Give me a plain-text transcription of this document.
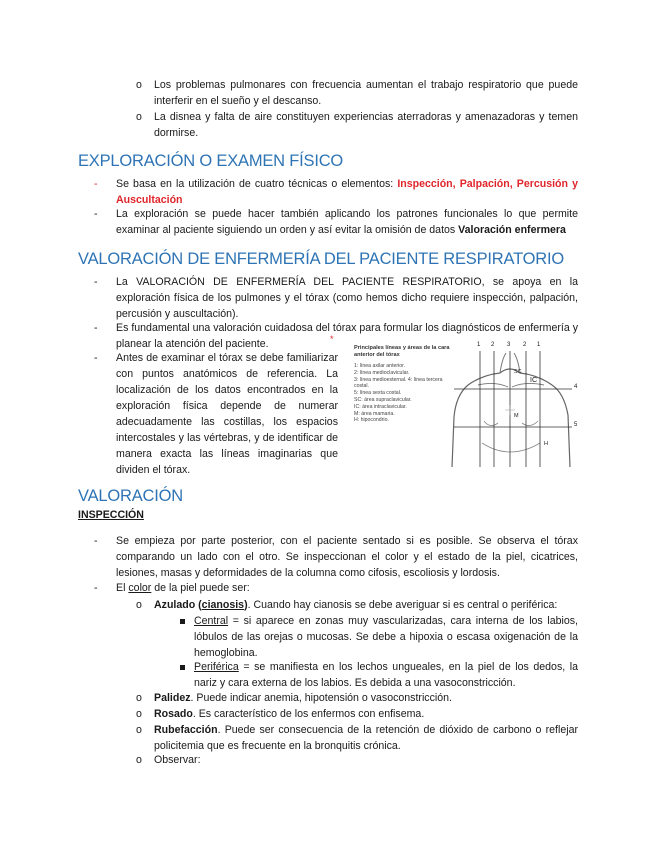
o Los problemas pulmonares con frecuencia aumentan el trabajo respiratorio que puede interferir en el sueño y el descanso.
o La disnea y falta de aire constituyen experiencias aterradoras y amenazadoras y temen dormirse.
EXPLORACIÓN O EXAMEN FÍSICO
- Se basa en la utilización de cuatro técnicas o elementos: Inspección, Palpación, Percusión y Auscultación
- La exploración se puede hacer también aplicando los patrones funcionales lo que permite examinar al paciente siguiendo un orden y así evitar la omisión de datos Valoración enfermera
VALORACIÓN DE ENFERMERÍA DEL PACIENTE RESPIRATORIO
- La VALORACIÓN DE ENFERMERÍA DEL PACIENTE RESPIRATORIO, se apoya en la exploración física de los pulmones y el tórax (como hemos dicho requiere inspección, palpación, percusión y auscultación).
- Es fundamental una valoración cuidadosa del tórax para formular los diagnósticos de enfermería y planear la atención del paciente.	*
- Antes de examinar el tórax se debe familiarizar con puntos anatómicos de referencia. La localización de los datos encontrados en la exploración física depende de numerar adecuadamente las costillas, los espacios intercostales y las vértebras, y de identificar de manera exacta las líneas imaginarias que dividen el tórax.
Principales líneas y áreas de la cara anterior del tórax
1: línea axilar anterior.
2: línea medioclavicular.
3: línea medioesternal. 4: línea tercera costal.
5: línea sexta costal.
SC: área supraclavicular.
IC: área intraclavicular.
M: área mamaria.
H: hipocondrio.
1 2 3 2 1
4
5
SC
IC
M
H
VALORACIÓN
INSPECCIÓN
- Se empieza por parte posterior, con el paciente sentado si es posible. Se observa el tórax comparando un lado con el otro. Se inspeccionan el color y el estado de la piel, cicatrices, lesiones, masas y deformidades de la columna como cifosis, escoliosis y lordosis.
- El color de la piel puede ser:
o Azulado (cianosis). Cuando hay cianosis se debe averiguar si es central o periférica:
Central = si aparece en zonas muy vascularizadas, cara interna de los labios, lóbulos de las orejas o mucosas. Se debe a hipoxia o escasa oxigenación de la hemoglobina.
Periférica = se manifiesta en los lechos ungueales, en la piel de los dedos, la nariz y cara externa de los labios. Es debida a una vasoconstricción.
o Palidez. Puede indicar anemia, hipotensión o vasoconstricción.
o Rosado. Es característico de los enfermos con enfisema.
o Rubefacción. Puede ser consecuencia de la retención de dióxido de carbono o reflejar policitemia que es frecuente en la bronquitis crónica.
o Observar:
